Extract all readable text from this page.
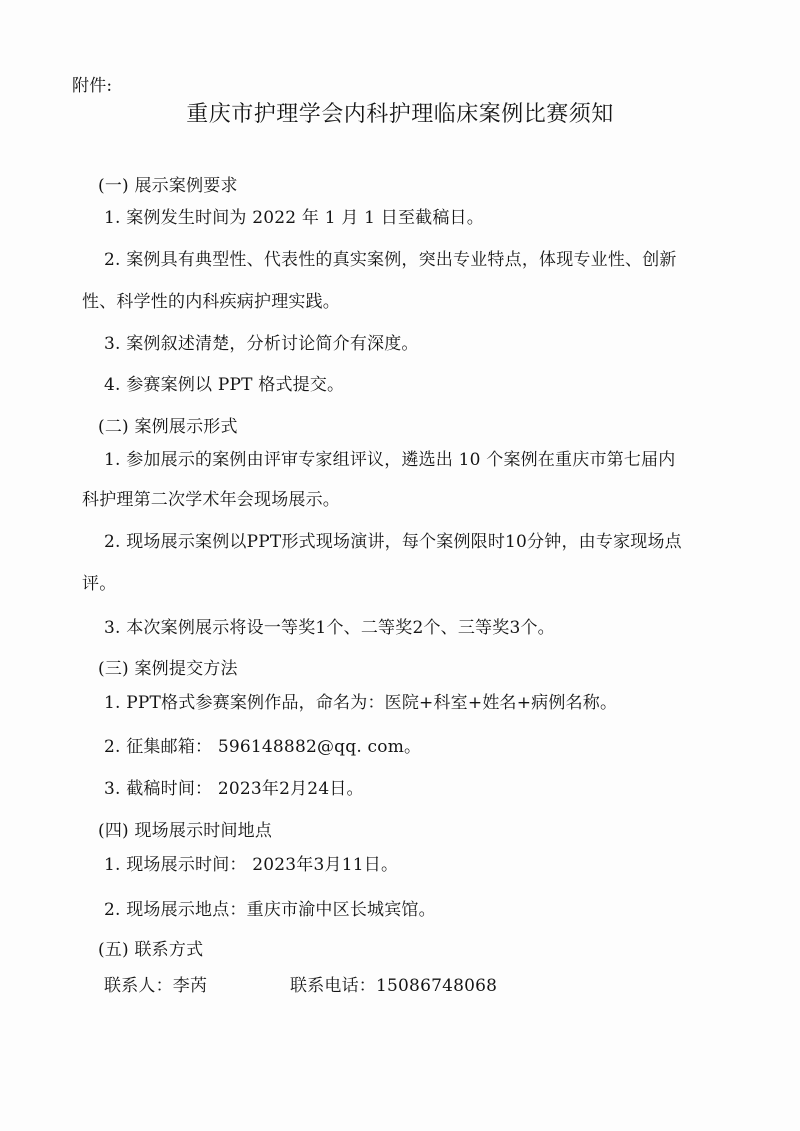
附件:
重庆市护理学会内科护理临床案例比赛须知
(一) 展示案例要求
1. 案例发生时间为 2022 年 1 月 1 日至截稿日。
2. 案例具有典型性、代表性的真实案例，突出专业特点，体现专业性、创新
性、科学性的内科疾病护理实践。
3. 案例叙述清楚，分析讨论简介有深度。
4. 参赛案例以 PPT 格式提交。
(二) 案例展示形式
1. 参加展示的案例由评审专家组评议，遴选出 10 个案例在重庆市第七届内
科护理第二次学术年会现场展示。
2. 现场展示案例以PPT形式现场演讲，每个案例限时10分钟，由专家现场点
评。
3. 本次案例展示将设一等奖1个、二等奖2个、三等奖3个。
(三) 案例提交方法
1. PPT格式参赛案例作品，命名为：医院+科室+姓名+病例名称。
2. 征集邮箱： 596148882@qq. com。
3. 截稿时间： 2023年2月24日。
(四) 现场展示时间地点
1. 现场展示时间： 2023年3月11日。
2. 现场展示地点：重庆市渝中区长城宾馆。
(五) 联系方式
联系人：李芮	联系电话：15086748068
